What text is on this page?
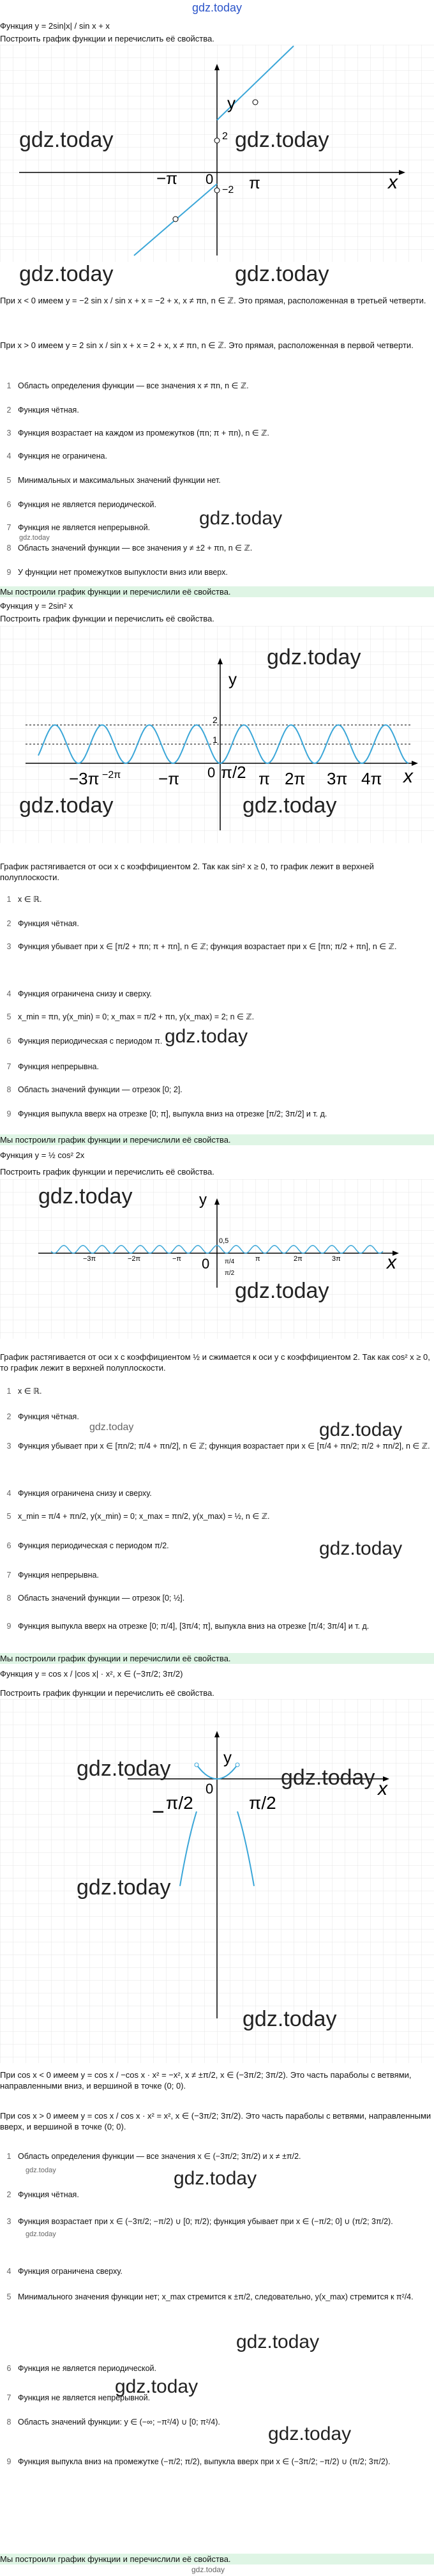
gdz.today
Функция y = 2sin|x| / sin x + x
Построить график функции и перечислить её свойства.
y
x
0
−π	π
2
−2
gdz.today	gdz.today
gdz.today	gdz.today
При x < 0 имеем y = −2 sin x / sin x + x = −2 + x, x ≠ πn, n ∈ ℤ. Это прямая, расположенная в третьей четверти.
При x > 0 имеем y = 2 sin x / sin x + x = 2 + x, x ≠ πn, n ∈ ℤ. Это прямая, расположенная в первой четверти.
1 Область определения функции — все значения x ≠ πn, n ∈ ℤ.
2 Функция чётная.
3 Функция возрастает на каждом из промежутков (πn; π + πn), n ∈ ℤ.
4 Функция не ограничена.
5 Минимальных и максимальных значений функции нет.
6 Функция не является периодической.
gdz.today
7 Функция не является непрерывной.
gdz.today
8 Область значений функции — все значения y ≠ ±2 + πn, n ∈ ℤ.
9 У функции нет промежутков выпуклости вниз или вверх.
Мы построили график функции и перечислили её свойства.
Функция y = 2sin² x
Построить график функции и перечислить её свойства.
y
x
0
2
1
−3π −2π −π π/2 π 2π 3π 4π
gdz.today
gdz.today	gdz.today
График растягивается от оси x с коэффициентом 2. Так как sin² x ≥ 0, то график лежит в верхней полуплоскости.
1 x ∈ ℝ.
2 Функция чётная.
3 Функция убывает при x ∈ [π/2 + πn; π + πn], n ∈ ℤ; функция возрастает при x ∈ [πn; π/2 + πn], n ∈ ℤ.
4 Функция ограничена снизу и сверху.
5 x_min = πn, y(x_min) = 0; x_max = π/2 + πn, y(x_max) = 2; n ∈ ℤ.
6 Функция периодическая с периодом π. gdz.today
7 Функция непрерывна.
8 Область значений функции — отрезок [0; 2].
9 Функция выпукла вверх на отрезке [0; π], выпукла вниз на отрезке [π/2; 3π/2] и т. д.
Мы построили график функции и перечислили её свойства.
Функция y = ½ cos² 2x
Построить график функции и перечислить её свойства.
y
x
0
0,5
−3π	−2π	−π	π	2π	3π
π/4
π/2
gdz.today
gdz.today
График растягивается от оси x с коэффициентом ½ и сжимается к оси y с коэффициентом 2. Так как cos² x ≥ 0, то график лежит в верхней полуплоскости.
1 x ∈ ℝ.
2 Функция чётная.
gdz.today	gdz.today
3 Функция убывает при x ∈ [πn/2; π/4 + πn/2], n ∈ ℤ; функция возрастает при x ∈ [π/4 + πn/2; π/2 + πn/2], n ∈ ℤ.
4 Функция ограничена снизу и сверху.
5 x_min = π/4 + πn/2, y(x_min) = 0; x_max = πn/2, y(x_max) = ½, n ∈ ℤ.
6 Функция периодическая с периодом π/2.	gdz.today
7 Функция непрерывна.
8 Область значений функции — отрезок [0; ½].
9 Функция выпукла вверх на отрезке [0; π/4], [3π/4; π], выпукла вниз на отрезке [π/4; 3π/4] и т. д.
Мы построили график функции и перечислили её свойства.
Функция y = cos x / |cos x| · x², x ∈ (−3π/2; 3π/2)
Построить график функции и перечислить её свойства.
y
x
0
− π/2	π/2
gdz.today	gdz.today
gdz.today
gdz.today
При cos x < 0 имеем y = cos x / −cos x · x² = −x², x ≠ ±π/2, x ∈ (−3π/2; 3π/2). Это часть параболы с ветвями, направленными вниз, и вершиной в точке (0; 0).
При cos x > 0 имеем y = cos x / cos x · x² = x², x ∈ (−3π/2; 3π/2). Это часть параболы с ветвями, направленными вверх, и вершиной в точке (0; 0).
1 Область определения функции — все значения x ∈ (−3π/2; 3π/2) и x ≠ ±π/2.
gdz.today	gdz.today
2 Функция чётная.
3 Функция возрастает при x ∈ (−3π/2; −π/2) ∪ [0; π/2); функция убывает при x ∈ (−π/2; 0] ∪ (π/2; 3π/2).
gdz.today
4 Функция ограничена сверху.
5 Минимального значения функции нет; x_max стремится к ±π/2, следовательно, y(x_max) стремится к π²/4.
gdz.today
6 Функция не является периодической.
gdz.today
7 Функция не является непрерывной.
8 Область значений функции: y ∈ (−∞; −π²/4) ∪ [0; π²/4).
gdz.today
9 Функция выпукла вниз на промежутке (−π/2; π/2), выпукла вверх при x ∈ (−3π/2; −π/2) ∪ (π/2; 3π/2).
Мы построили график функции и перечислили её свойства.
gdz.today
